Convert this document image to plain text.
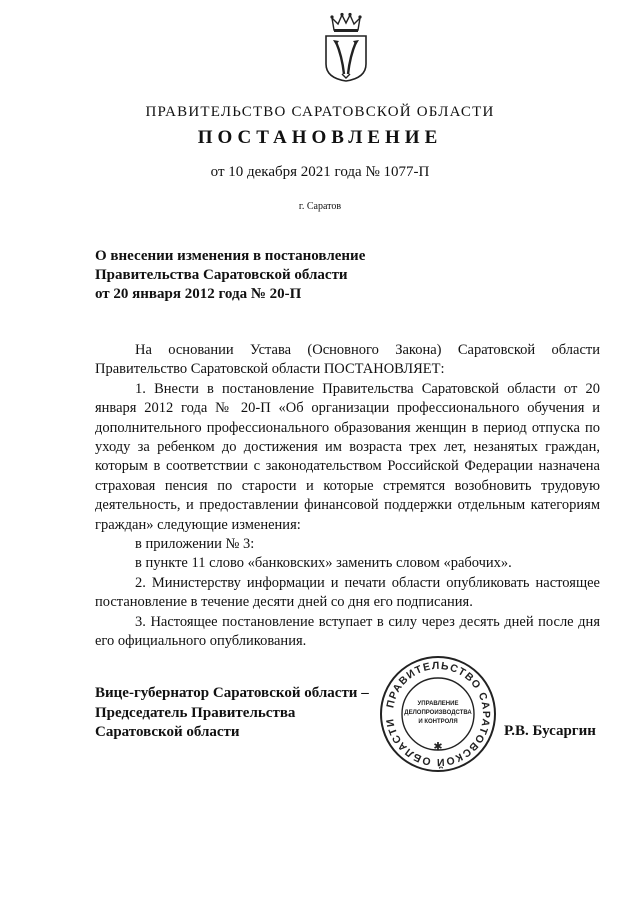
ПРАВИТЕЛЬСТВО САРАТОВСКОЙ ОБЛАСТИ
ПОСТАНОВЛЕНИЕ
от 10 декабря 2021 года № 1077-П
г. Саратов
О внесении изменения в постановление
Правительства Саратовской области
от 20 января 2012 года № 20-П

На основании Устава (Основного Закона) Саратовской области Правительство Саратовской области ПОСТАНОВЛЯЕТ:

1. Внести в постановление Правительства Саратовской области от 20 января 2012 года № 20-П «Об организации профессионального обучения и дополнительного профессионального образования женщин в период отпуска по уходу за ребенком до достижения им возраста трех лет, незанятых граждан, которым в соответствии с законодательством Российской Федерации назначена страховая пенсия по старости и которые стремятся возобновить трудовую деятельность, и предоставлении финансовой поддержки отдельным категориям граждан» следующие изменения:

в приложении № 3:

в пункте 11 слово «банковских» заменить словом «рабочих».

2. Министерству информации и печати области опубликовать настоящее постановление в течение десяти дней со дня его подписания.

3. Настоящее постановление вступает в силу через десять дней после дня его официального опубликования.

Вице-губернатор Саратовской области –
Председатель Правительства
Саратовской области
ПРАВИТЕЛЬСТВО САРАТОВСКОЙ ОБЛАСТИ
✱
УПРАВЛЕНИЕ
ДЕЛОПРОИЗВОДСТВА
И КОНТРОЛЯ
Р.В. Бусаргин
